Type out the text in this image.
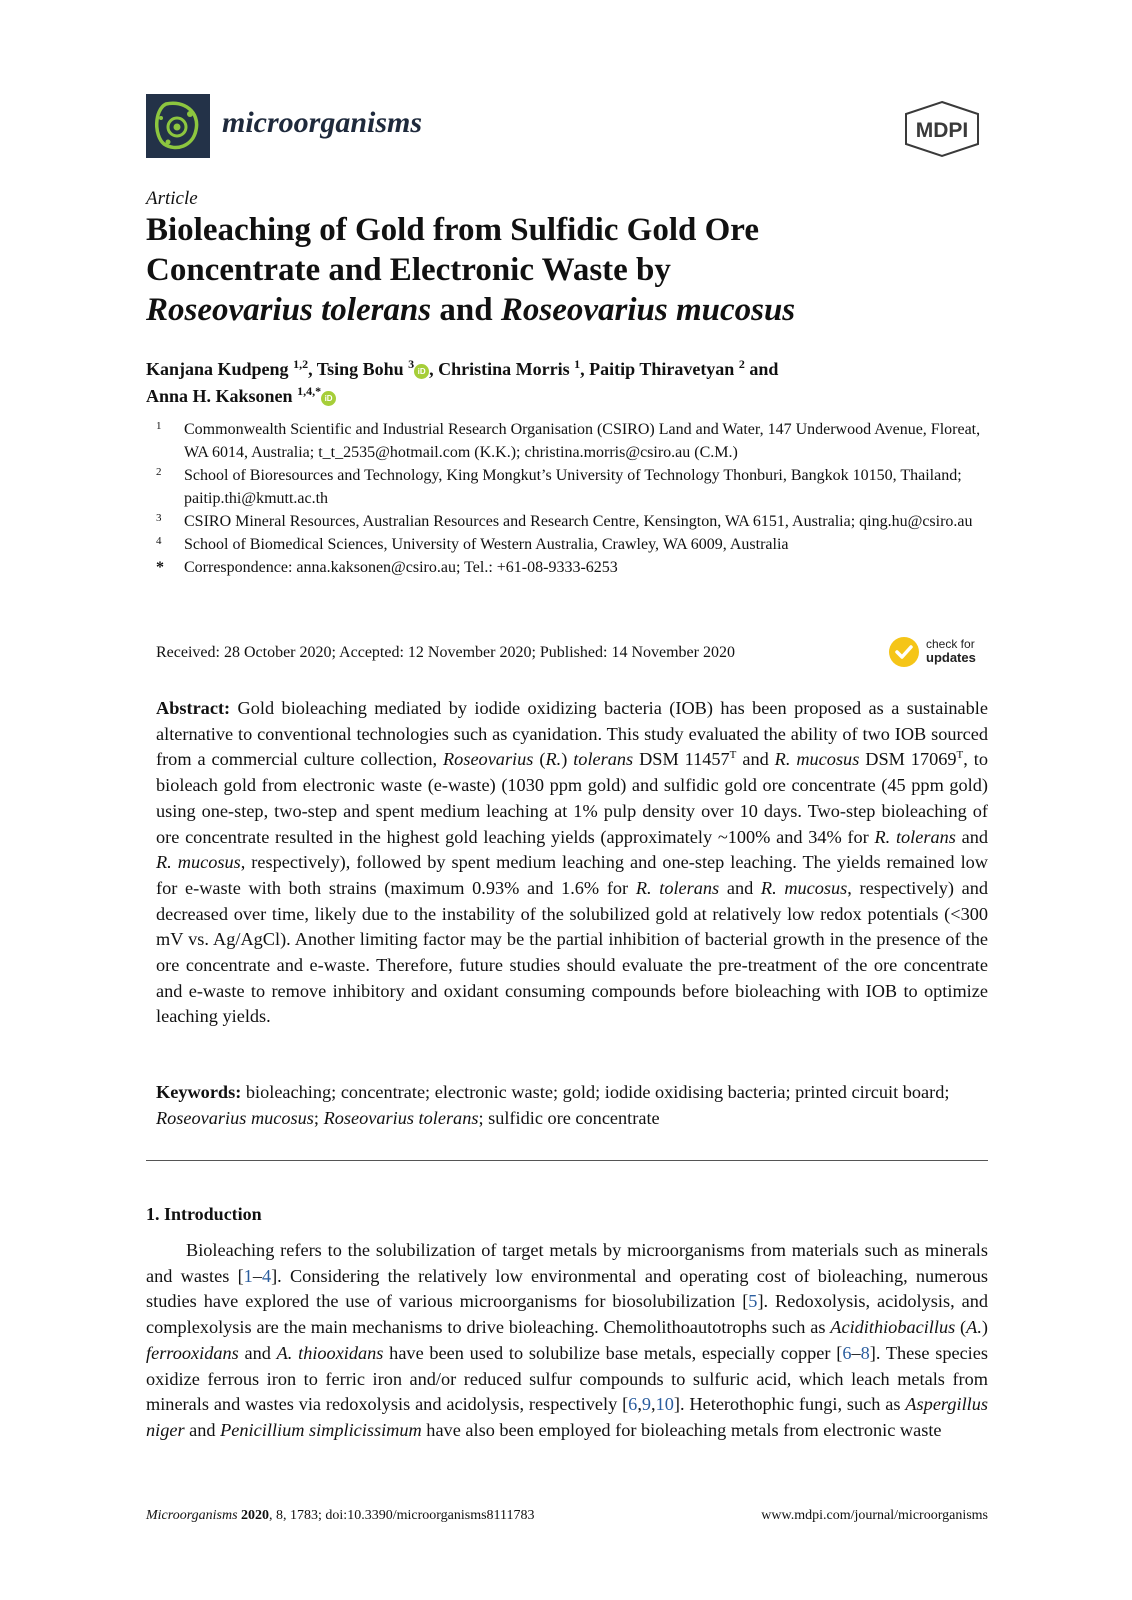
microorganisms	MDPI
Article
Bioleaching of Gold from Sulfidic Gold Ore
Concentrate and Electronic Waste by
Roseovarius tolerans and Roseovarius mucosus
Kanjana Kudpeng $^{1,2}$, Tsing Bohu $^3$iD , Christina Morris $^1$, Paitip Thiravetyan $^2$ and
Anna H. Kaksonen $^{1,4,*}$iD
1	Commonwealth Scientific and Industrial Research Organisation (CSIRO) Land and Water, 147 Underwood Avenue, Floreat, WA 6014, Australia; t_t_2535@hotmail.com (K.K.); christina.morris@csiro.au (C.M.)
2	School of Bioresources and Technology, King Mongkut’s University of Technology Thonburi, Bangkok 10150, Thailand; paitip.thi@kmutt.ac.th
3	CSIRO Mineral Resources, Australian Resources and Research Centre, Kensington, WA 6151, Australia; qing.hu@csiro.au
4	School of Biomedical Sciences, University of Western Australia, Crawley, WA 6009, Australia
*	Correspondence: anna.kaksonen@csiro.au; Tel.: +61-08-9333-6253
Received: 28 October 2020; Accepted: 12 November 2020; Published: 14 November 2020	check for
updates

Abstract: Gold bioleaching mediated by iodide oxidizing bacteria (IOB) has been proposed as a sustainable alternative to conventional technologies such as cyanidation. This study evaluated the ability of two IOB sourced from a commercial culture collection, Roseovarius (R.) tolerans DSM $11457^T$ and R. mucosus DSM $17069^T$, to bioleach gold from electronic waste (e-waste) (1030 ppm gold) and sulfidic gold ore concentrate (45 ppm gold) using one-step, two-step and spent medium leaching at 1% pulp density over 10 days. Two-step bioleaching of ore concentrate resulted in the highest gold leaching yields (approximately ~100% and 34% for R. tolerans and R. mucosus, respectively), followed by spent medium leaching and one-step leaching. The yields remained low for e-waste with both strains (maximum 0.93% and 1.6% for R. tolerans and R. mucosus, respectively) and decreased over time, likely due to the instability of the solubilized gold at relatively low redox potentials (<300 mV vs. Ag/AgCl). Another limiting factor may be the partial inhibition of bacterial growth in the presence of the ore concentrate and e-waste. Therefore, future studies should evaluate the pre-treatment of the ore concentrate and e-waste to remove inhibitory and oxidant consuming compounds before bioleaching with IOB to optimize leaching yields.

Keywords: bioleaching; concentrate; electronic waste; gold; iodide oxidising bacteria; printed circuit board; Roseovarius mucosus; Roseovarius tolerans; sulfidic ore concentrate

1. Introduction

Bioleaching refers to the solubilization of target metals by microorganisms from materials such as minerals and wastes [1–4]. Considering the relatively low environmental and operating cost of bioleaching, numerous studies have explored the use of various microorganisms for biosolubilization [5]. Redoxolysis, acidolysis, and complexolysis are the main mechanisms to drive bioleaching. Chemolithoautotrophs such as Acidithiobacillus (A.) ferrooxidans and A. thiooxidans have been used to solubilize base metals, especially copper [6–8]. These species oxidize ferrous iron to ferric iron and/or reduced sulfur compounds to sulfuric acid, which leach metals from minerals and wastes via redoxolysis and acidolysis, respectively [6,9,10]. Heterothophic fungi, such as Aspergillus niger and Penicillium simplicissimum have also been employed for bioleaching metals from electronic waste

Microorganisms 2020, 8, 1783; doi:10.3390/microorganisms8111783	www.mdpi.com/journal/microorganisms
